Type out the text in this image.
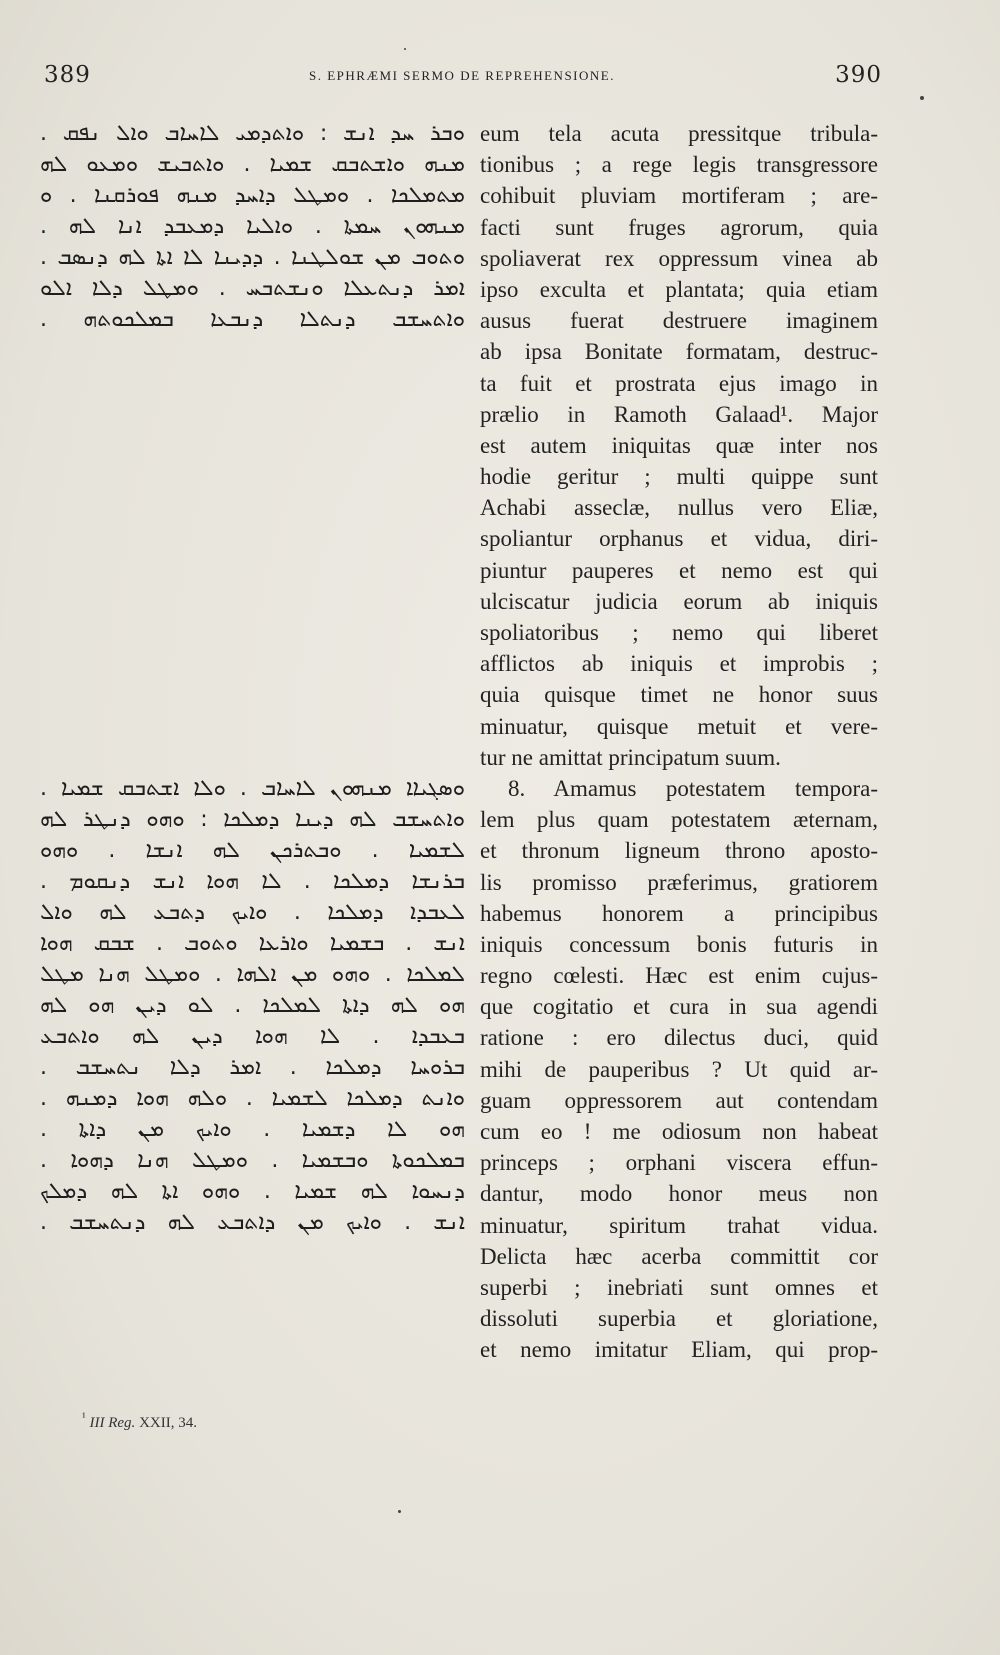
389	S. EPHRÆMI SERMO DE REPREHENSIONE.	390
ܘܒܪ ܚܕ ܐܢܫ : ܘܐܬܕܡܝ ܠܐܚܐܒ ܘܐܠ ܢܦܩ .
ܡܢܗ ܘܐܫܬܒܩ ܫܡܝܐ . ܘܐܬܒܝܫ ܘܡܥܘ ܠܗ
ܡܬܡܠܟܐ . ܘܡܛܠ ܕܐܚܕ ܡܢܗ ܦܘܪܩܢܐ . ܘ
ܡܢܗܘܢ ܚܡܬܐ . ܘܐܠܝܐ ܕܡܥܒܕ ܐܢܐ ܠܗ .
ܘܬܘܒ ܡܢ ܫܘܠܛܢܐ . ܕܕܝܢܐ ܠܐ ܐܬܐ ܠܗ ܕܢܣܒ .
ܐܡܪ ܕܢܬܥܠܐ ܘܢܫܬܒܚ . ܘܡܛܠ ܕܠܐ ܐܠܘ
ܘܐܬܚܫܒ ܕܢܬܠܐ ܕܢܒܥܐ ܒܡܠܟܘܬܗ .
ܘܣܓܝܐܐ ܡܢܗܘܢ ܠܐܚܐܒ . ܘܠܐ ܐܫܬܒܩ ܫܡܝܐ .
ܘܐܬܚܫܒ ܠܗ ܕܝܢܐ ܕܡܠܟܐ : ܘܗܘ ܕܢܛܪ ܠܗ
ܠܫܡܝܐ . ܘܒܬܪܟܢ ܠܗ ܐܢܫܐ . ܘܗܘ
ܒܪܢܫܐ ܕܡܠܟܐ . ܠܐ ܗܘܐ ܐܢܫ ܕܢܩܘܡ .
ܠܥܒܕܐ ܕܡܠܟܐ . ܘܐܝܟ ܕܬܒܥ ܠܗ ܘܐܠ
ܐܢܫ . ܒܫܡܝܐ ܘܐܪܥܐ ܘܬܘܒ . ܫܒܩ ܗܘܐ
ܠܡܠܟܐ . ܘܗܘ ܡܢ ܐܠܗܐ . ܘܡܛܠ ܗܢܐ ܡܛܠ
ܗܘ ܠܗ ܕܐܬܐ ܠܡܠܟܐ . ܠܘ ܕܝܢ ܗܘ ܠܗ
ܒܥܒܕܐ . ܠܐ ܗܘܐ ܕܝܢ ܠܗ ܘܐܬܒܥ
ܒܪܘܚܐ ܕܡܠܟܐ . ܐܡܪ ܕܠܐ ܢܬܚܫܒ .
ܘܐܢܬ ܕܡܠܟܐ ܠܫܡܝܐ . ܘܠܗ ܗܘܐ ܕܡܢܗ .
ܗܘ ܠܐ ܕܫܡܝܐ . ܘܐܝܟ ܡܢ ܕܐܬܐ .
ܒܡܠܟܘܬܐ ܘܒܫܡܝܐ . ܘܡܛܠ ܗܢܐ ܕܗܘܐ .
ܕܢܚܘܐ ܠܗ ܫܡܝܐ . ܘܗܘ ܐܬܐ ܠܗ ܕܡܠܟ
ܐܢܫ . ܘܐܝܟ ܡܢ ܕܐܬܒܥ ܠܗ ܕܢܬܚܫܒ .
eum tela acuta pressitque tribula-
tionibus ; a rege legis transgressore
cohibuit pluviam mortiferam ; are-
facti sunt fruges agrorum, quia
spoliaverat rex oppressum vinea ab
ipso exculta et plantata; quia etiam
ausus fuerat destruere imaginem
ab ipsa Bonitate formatam, destruc-
ta fuit et prostrata ejus imago in
prælio in Ramoth Galaad¹. Major
est autem iniquitas quæ inter nos
hodie geritur ; multi quippe sunt
Achabi asseclæ, nullus vero Eliæ,
spoliantur orphanus et vidua, diri-
piuntur pauperes et nemo est qui
ulciscatur judicia eorum ab iniquis
spoliatoribus ; nemo qui liberet
afflictos ab iniquis et improbis ;
quia quisque timet ne honor suus
minuatur, quisque metuit et vere-
tur ne amittat principatum suum.
8. Amamus potestatem tempora-
lem plus quam potestatem æternam,
et thronum ligneum throno aposto-
lis promisso præferimus, gratiorem
habemus honorem a principibus
iniquis concessum bonis futuris in
regno cœlesti. Hæc est enim cujus-
que cogitatio et cura in sua agendi
ratione : ero dilectus duci, quid
mihi de pauperibus ? Ut quid ar-
guam oppressorem aut contendam
cum eo ! me odiosum non habeat
princeps ; orphani viscera effun-
dantur, modo honor meus non
minuatur, spiritum trahat vidua.
Delicta hæc acerba committit cor
superbi ; inebriati sunt omnes et
dissoluti superbia et gloriatione,
et nemo imitatur Eliam, qui prop-
$^{^1}$ III Reg. XXII, 34.
